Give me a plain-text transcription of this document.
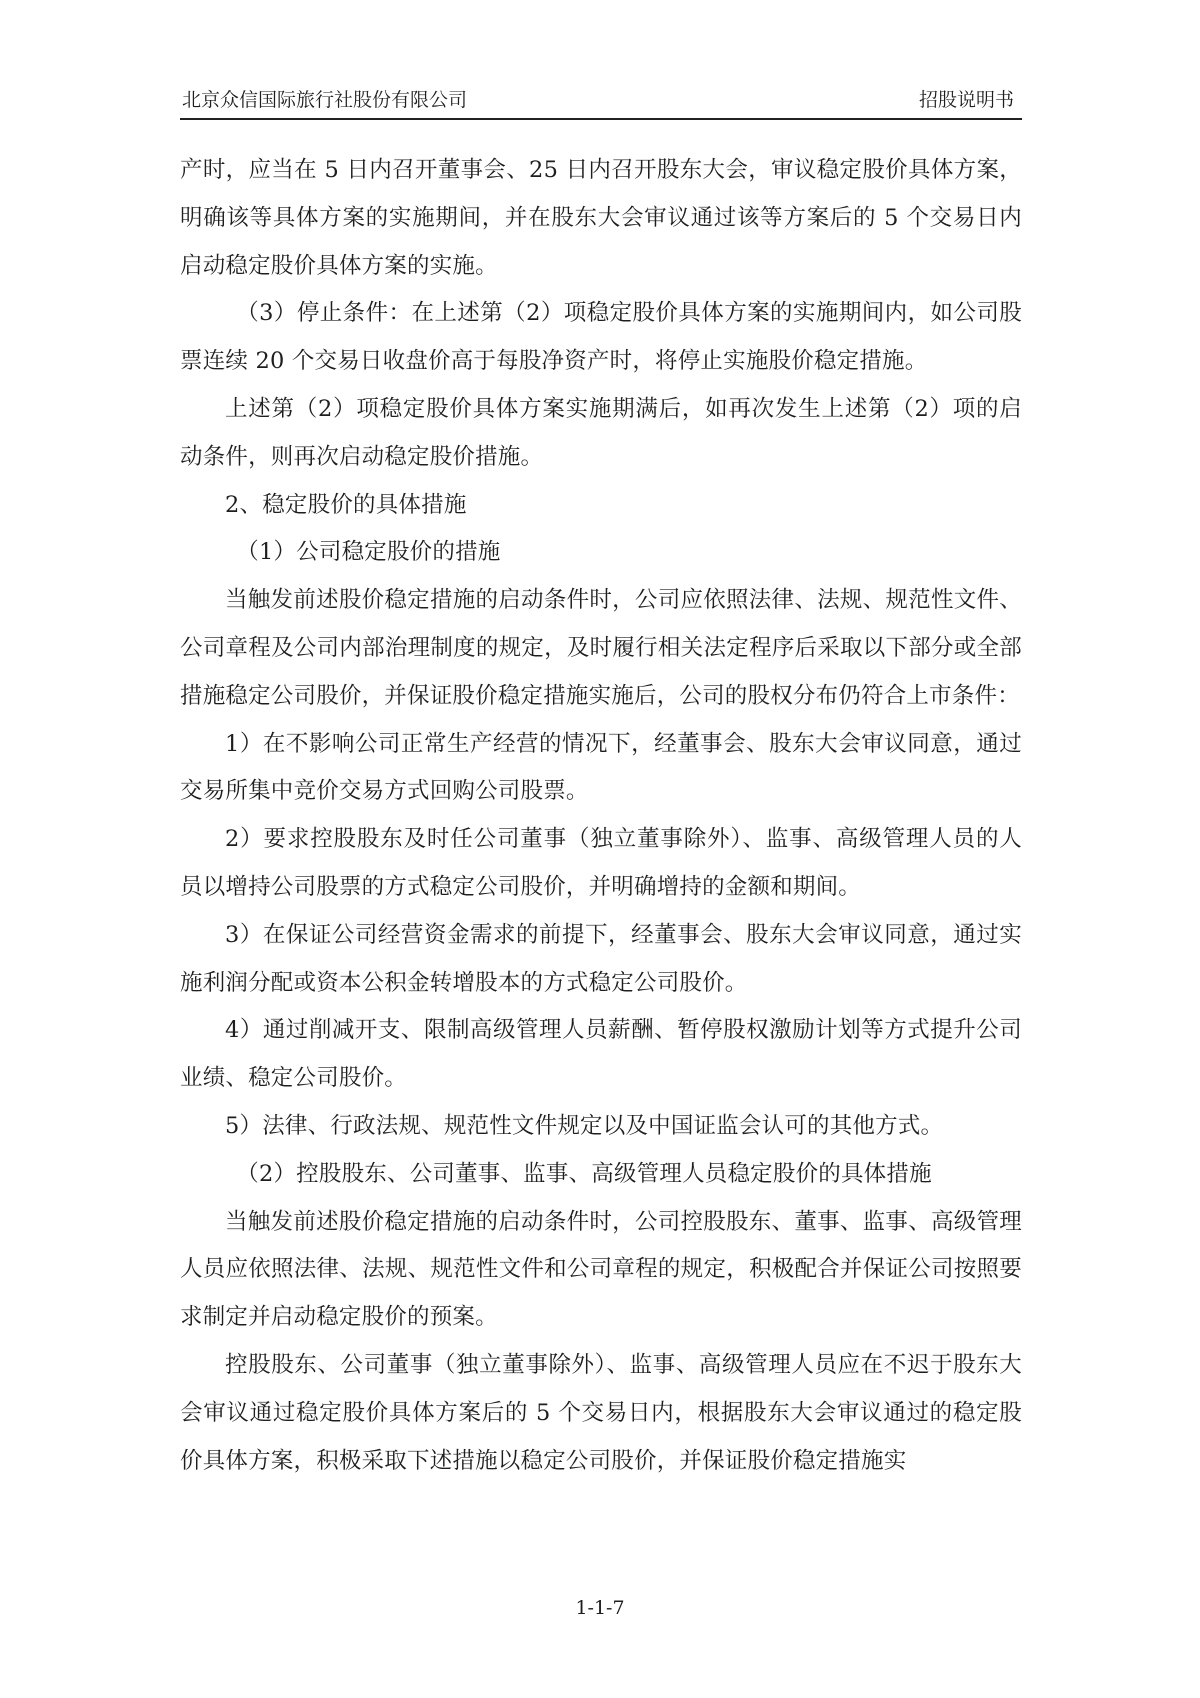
北京众信国际旅行社股份有限公司	招股说明书

产时，应当在 5 日内召开董事会、25 日内召开股东大会，审议稳定股价具体方案，明确该等具体方案的实施期间，并在股东大会审议通过该等方案后的 5 个交易日内启动稳定股价具体方案的实施。

（3）停止条件：在上述第（2）项稳定股价具体方案的实施期间内，如公司股票连续 20 个交易日收盘价高于每股净资产时，将停止实施股价稳定措施。

上述第（2）项稳定股价具体方案实施期满后，如再次发生上述第（2）项的启动条件，则再次启动稳定股价措施。

2、稳定股价的具体措施

（1）公司稳定股价的措施

当触发前述股价稳定措施的启动条件时，公司应依照法律、法规、规范性文件、公司章程及公司内部治理制度的规定，及时履行相关法定程序后采取以下部分或全部措施稳定公司股价，并保证股价稳定措施实施后，公司的股权分布仍符合上市条件：

1）在不影响公司正常生产经营的情况下，经董事会、股东大会审议同意，通过交易所集中竞价交易方式回购公司股票。

2）要求控股股东及时任公司董事（独立董事除外）、监事、高级管理人员的人员以增持公司股票的方式稳定公司股价，并明确增持的金额和期间。

3）在保证公司经营资金需求的前提下，经董事会、股东大会审议同意，通过实施利润分配或资本公积金转增股本的方式稳定公司股价。

4）通过削减开支、限制高级管理人员薪酬、暂停股权激励计划等方式提升公司业绩、稳定公司股价。

5）法律、行政法规、规范性文件规定以及中国证监会认可的其他方式。

（2）控股股东、公司董事、监事、高级管理人员稳定股价的具体措施

当触发前述股价稳定措施的启动条件时，公司控股股东、董事、监事、高级管理人员应依照法律、法规、规范性文件和公司章程的规定，积极配合并保证公司按照要求制定并启动稳定股价的预案。

控股股东、公司董事（独立董事除外）、监事、高级管理人员应在不迟于股东大会审议通过稳定股价具体方案后的 5 个交易日内，根据股东大会审议通过的稳定股价具体方案，积极采取下述措施以稳定公司股价，并保证股价稳定措施实

1-1-7
